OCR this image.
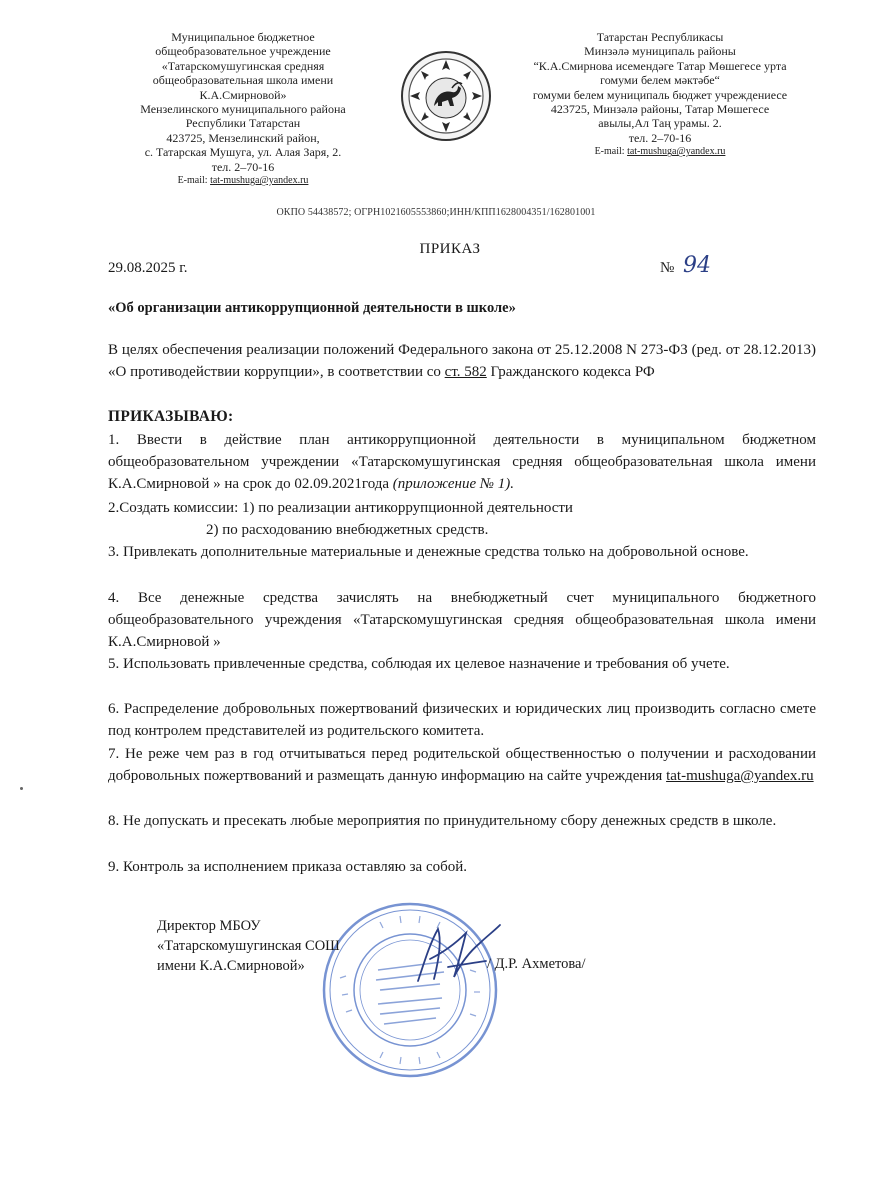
Муниципальное бюджетное
общеобразовательное учреждение
«Татарскомушугинская средняя
общеобразовательная школа имени
К.А.Смирновой»
Мензелинского муниципального района
Республики Татарстан
423725, Мензелинский район,
с. Татарская Мушуга, ул. Алая Заря, 2.
тел. 2–70-16
E-mail: tat-mushuga@yandex.ru
Татарстан Республикасы
Минзәлә муниципаль районы
“К.А.Смирнова исемендәге Татар Мөшегесе урта
гомуми белем мәктәбе“
гомуми белем муниципаль бюджет учреждениесе
423725, Минзәлә районы, Татар Мөшегесе
авылы,Ал Таң урамы. 2.
тел. 2–70-16
E-mail: tat-mushuga@yandex.ru
ОКПО 54438572; ОГРН1021605553860;ИНН/КПП1628004351/162801001
ПРИКАЗ
29.08.2025 г.	№ 94
«Об организации антикоррупционной деятельности в школе»
В целях обеспечения реализации положений Федерального закона от 25.12.2008 N 273-ФЗ (ред. от 28.12.2013) «О противодействии коррупции», в соответствии со ст. 582 Гражданского кодекса РФ
ПРИКАЗЫВАЮ:
1. Ввести в действие план антикоррупционной деятельности в муниципальном бюджетном общеобразовательном учреждении «Татарскомушугинская средняя общеобразовательная школа имени К.А.Смирновой » на срок до 02.09.2021года (приложение № 1).
2.Создать комиссии: 1) по реализации антикоррупционной деятельности
2) по расходованию внебюджетных средств.
3. Привлекать дополнительные материальные и денежные средства только на добровольной основе.
4. Все денежные средства зачислять на внебюджетный счет муниципального бюджетного общеобразовательного учреждения «Татарскомушугинская средняя общеобразовательная школа имени К.А.Смирновой »
5. Использовать привлеченные средства, соблюдая их целевое назначение и требования об учете.
6. Распределение добровольных пожертвований физических и юридических лиц производить согласно смете под контролем представителей из родительского комитета.
7. Не реже чем раз в год отчитываться перед родительской общественностью о получении и расходовании добровольных пожертвований и размещать данную информацию на сайте учреждения tat-mushuga@yandex.ru
8. Не допускать и пресекать любые мероприятия по принудительному сбору денежных средств в школе.
9. Контроль за исполнением приказа оставляю за собой.
Директор МБОУ
«Татарскомушугинская СОШ
имени К.А.Смирновой»	/ Д.Р. Ахметова/
